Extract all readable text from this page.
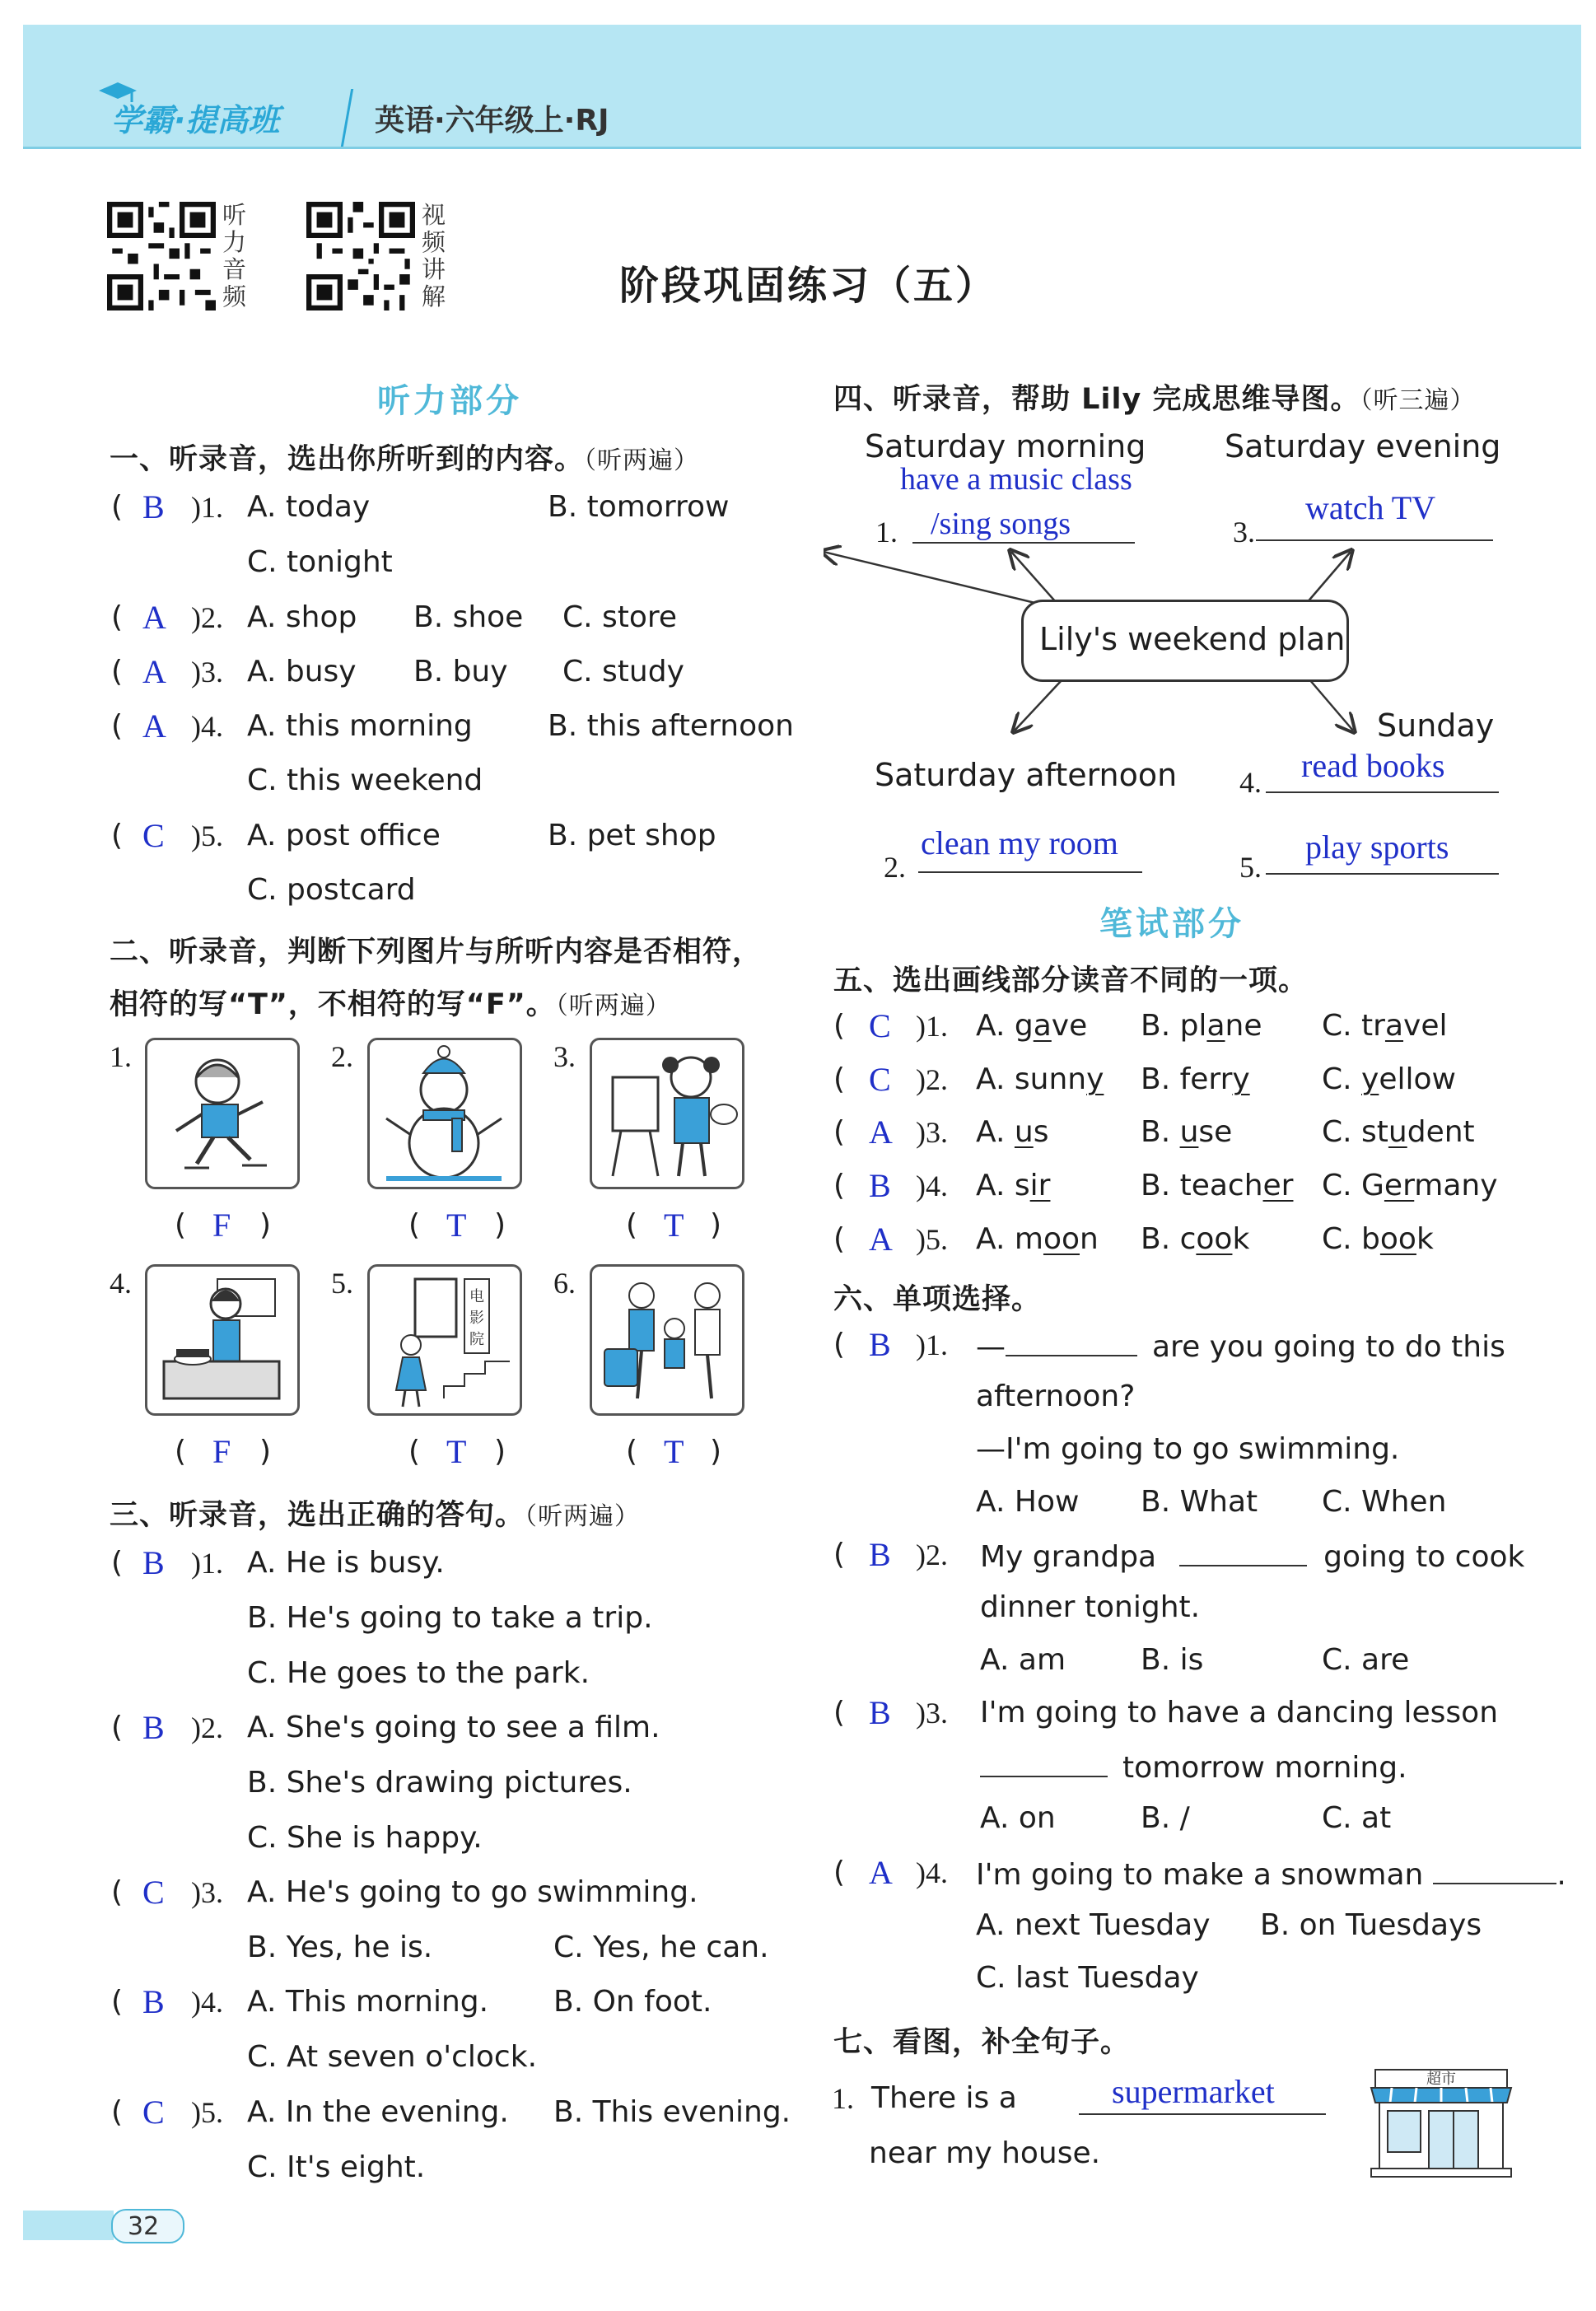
学霸·提高班	英语·六年级上·RJ
听力音频
视频讲解	阶段巩固练习（五）
听力部分
一、听录音，选出你所听到的内容。（听两遍）
( B )1. A. today	B. tomorrow
C. tonight
( A )2. A. shop B. shoe C. store
( A )3. A. busy B. buy C. study
( A )4. A. this morning	B. this afternoon
C. this weekend
( C )5. A. post office	B. pet shop
C. postcard
二、听录音，判断下列图片与所听内容是否相符，
相符的写“T”，不相符的写“F”。（听两遍）
1.	2.	3.
( F )	( T )	( T )
4.	5.	电
影
院
6.
( F )	( T )	( T )
三、听录音，选出正确的答句。（听两遍）
( B )1. A. He is busy.
B. He's going to take a trip.
C. He goes to the park.
( B )2. A. She's going to see a film.
B. She's drawing pictures.
C. She is happy.
( C )3. A. He's going to go swimming.
B. Yes, he is.	C. Yes, he can.
( B )4. A. This morning. B. On foot.
C. At seven o'clock.
( C )5. A. In the evening. B. This evening.
C. It's eight.
四、听录音，帮助 Lily 完成思维导图。（听三遍）
Saturday morning	Saturday evening
have a music class
1. /sing songs	3.
watch TV
Lily's weekend plan
Sunday
Saturday afternoon 4. read books
2.
clean my room
5.
play sports
笔试部分
五、选出画线部分读音不同的一项。
( C )1. A. gave B. plane C. travel
( C )2. A. sunny B. ferry C. yellow
( A )3. A. us	B. use	C. student
( B )4. A. sir	B. teacher C. Germany
( A )5. A. moon B. cook C. book
六、单项选择。
( B )1. —	are you going to do this
afternoon?
—I'm going to go swimming.
A. How B. What C. When
( B )2. My grandpa	going to cook
dinner tonight.
A. am	B. is	C. are
( B )3. I'm going to have a dancing lesson
tomorrow morning.
A. on	B. /	C. at
( A )4. I'm going to make a snowman	.
A. next Tuesday B. on Tuesdays
C. last Tuesday
七、看图，补全句子。
1. There is a	supermarket
near my house.
超市
32
